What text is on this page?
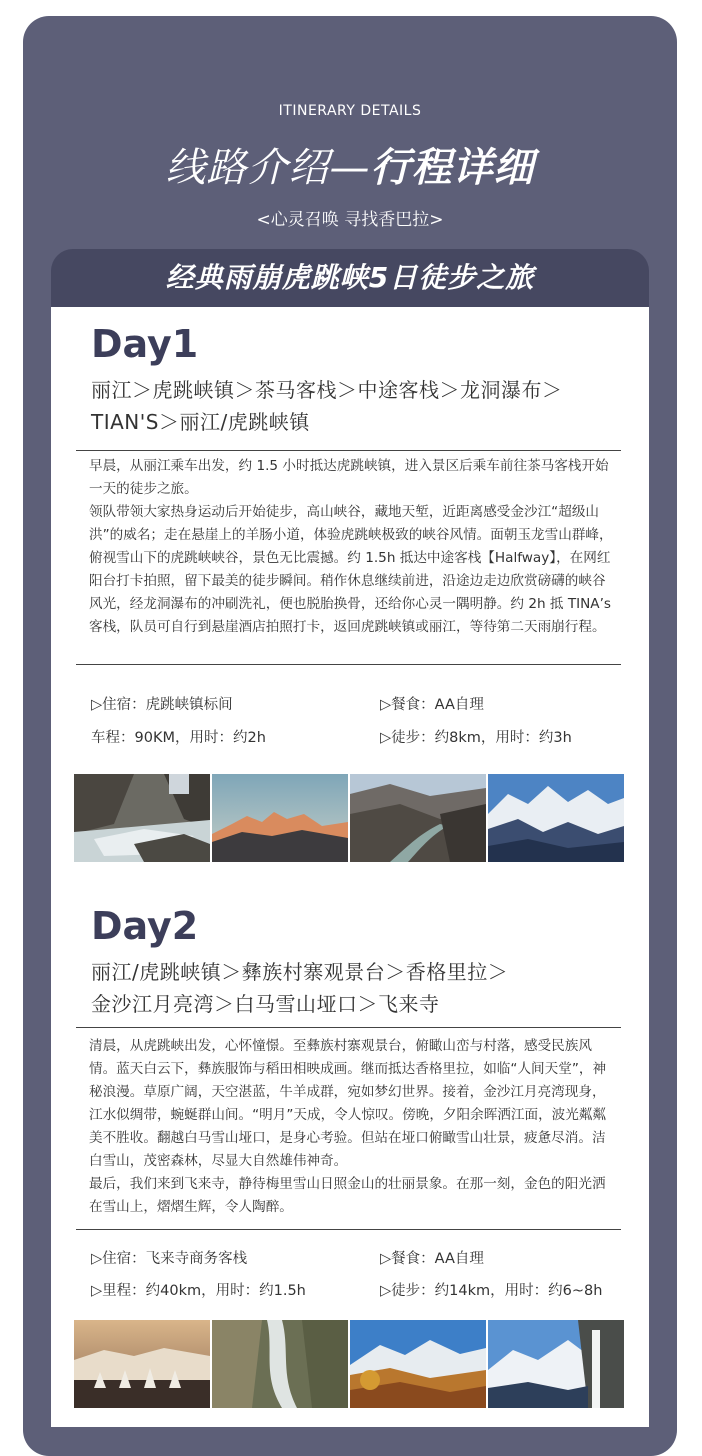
ITINERARY DETAILS
线路介绍—行程详细
<心灵召唤 寻找香巴拉>
经典雨崩虎跳峡5日徒步之旅
Day1
丽江＞虎跳峡镇＞茶马客栈＞中途客栈＞龙洞瀑布＞
TIAN'S＞丽江/虎跳峡镇

早晨，从丽江乘车出发，约 1.5 小时抵达虎跳峡镇，进入景区后乘车前往茶马客栈开始一天的徒步之旅。

领队带领大家热身运动后开始徒步，高山峡谷，藏地天堑，近距离感受金沙江“超级山洪”的威名；走在悬崖上的羊肠小道，体验虎跳峡极致的峡谷风情。面朝玉龙雪山群峰，俯视雪山下的虎跳峡峡谷，景色无比震撼。约 1.5h 抵达中途客栈【Halfway】，在网红阳台打卡拍照，留下最美的徒步瞬间。稍作休息继续前进，沿途边走边欣赏磅礴的峡谷风光，经龙洞瀑布的冲刷洗礼，便也脱胎换骨，还给你心灵一隅明静。约 2h 抵 TINA’s 客栈，队员可自行到悬崖酒店拍照打卡，返回虎跳峡镇或丽江，等待第二天雨崩行程。

▷住宿：虎跳峡镇标间	▷餐食：AA自理
车程：90KM，用时：约2h	▷徒步：约8km，用时：约3h
Day2
丽江/虎跳峡镇＞彝族村寨观景台＞香格里拉＞
金沙江月亮湾＞白马雪山垭口＞飞来寺

清晨，从虎跳峡出发，心怀憧憬。至彝族村寨观景台，俯瞰山峦与村落，感受民族风情。蓝天白云下，彝族服饰与稻田相映成画。继而抵达香格里拉，如临“人间天堂”，神秘浪漫。草原广阔，天空湛蓝，牛羊成群，宛如梦幻世界。接着，金沙江月亮湾现身，江水似绸带，蜿蜒群山间。“明月”天成，令人惊叹。傍晚，夕阳余晖洒江面，波光粼粼美不胜收。翻越白马雪山垭口，是身心考验。但站在垭口俯瞰雪山壮景，疲惫尽消。洁白雪山，茂密森林，尽显大自然雄伟神奇。

最后，我们来到飞来寺，静待梅里雪山日照金山的壮丽景象。在那一刻，金色的阳光洒在雪山上，熠熠生辉，令人陶醉。

▷住宿：飞来寺商务客栈	▷餐食：AA自理
▷里程：约40km，用时：约1.5h	▷徒步：约14km，用时：约6~8h
